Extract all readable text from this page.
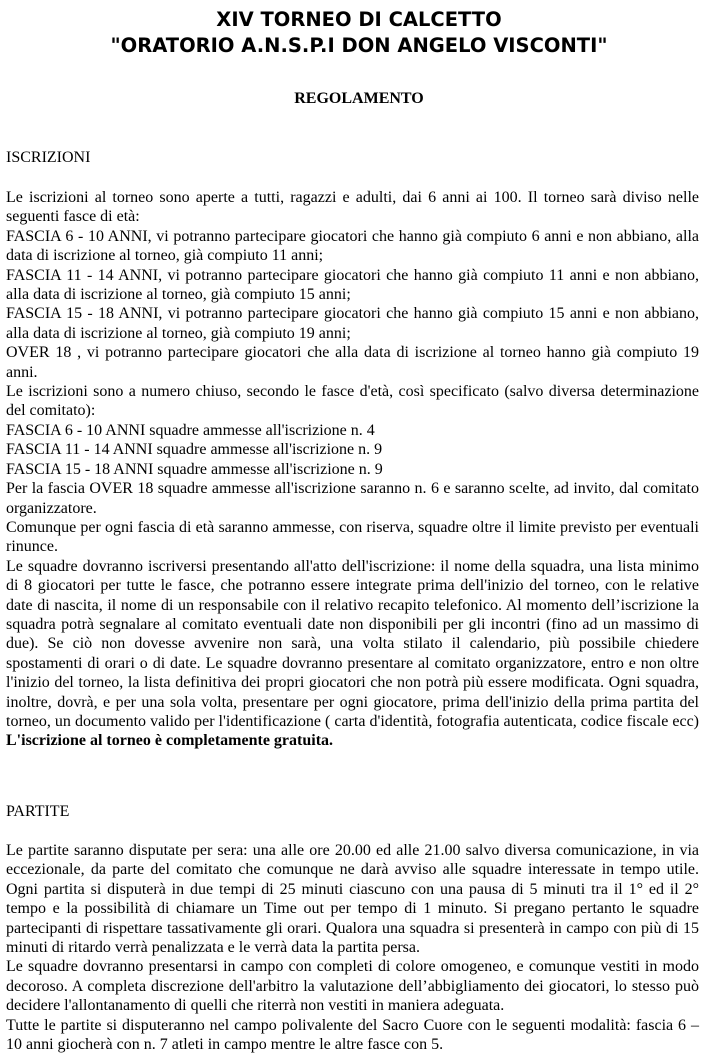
XIV TORNEO DI CALCETTO
"ORATORIO A.N.S.P.I DON ANGELO VISCONTI"
REGOLAMENTO
ISCRIZIONI

Le iscrizioni al torneo sono aperte a tutti, ragazzi e adulti, dai 6 anni ai 100. Il torneo sarà diviso nelle seguenti fasce di età:

FASCIA 6 - 10 ANNI, vi potranno partecipare giocatori che hanno già compiuto 6 anni e non abbiano, alla data di iscrizione al torneo, già compiuto 11 anni;

FASCIA 11 - 14 ANNI, vi potranno partecipare giocatori che hanno già compiuto 11 anni e non abbiano, alla data di iscrizione al torneo, già compiuto 15 anni;

FASCIA 15 - 18 ANNI, vi potranno partecipare giocatori che hanno già compiuto 15 anni e non abbiano, alla data di iscrizione al torneo, già compiuto 19 anni;

OVER 18 , vi potranno partecipare giocatori che alla data di iscrizione al torneo hanno già compiuto 19 anni.

Le iscrizioni sono a numero chiuso, secondo le fasce d'età, così specificato (salvo diversa determinazione del comitato):

FASCIA 6 - 10 ANNI squadre ammesse all'iscrizione n. 4

FASCIA 11 - 14 ANNI squadre ammesse all'iscrizione n. 9

FASCIA 15 - 18 ANNI squadre ammesse all'iscrizione n. 9

Per la fascia OVER 18 squadre ammesse all'iscrizione saranno n. 6 e saranno scelte, ad invito, dal comitato organizzatore.

Comunque per ogni fascia di età saranno ammesse, con riserva, squadre oltre il limite previsto per eventuali rinunce.

Le squadre dovranno iscriversi presentando all'atto dell'iscrizione: il nome della squadra, una lista minimo di 8 giocatori per tutte le fasce, che potranno essere integrate prima dell'inizio del torneo, con le relative date di nascita, il nome di un responsabile con il relativo recapito telefonico. Al momento dell’iscrizione la squadra potrà segnalare al comitato eventuali date non disponibili per gli incontri (fino ad un massimo di due). Se ciò non dovesse avvenire non sarà, una volta stilato il calendario, più possibile chiedere spostamenti di orari o di date. Le squadre dovranno presentare al comitato organizzatore, entro e non oltre l'inizio del torneo, la lista definitiva dei propri giocatori che non potrà più essere modificata. Ogni squadra, inoltre, dovrà, e per una sola volta, presentare per ogni giocatore, prima dell'inizio della prima partita del torneo, un documento valido per l'identificazione ( carta d'identità, fotografia autenticata, codice fiscale ecc) L'iscrizione al torneo è completamente gratuita.

PARTITE

Le partite saranno disputate per sera: una alle ore 20.00 ed alle 21.00 salvo diversa comunicazione, in via eccezionale, da parte del comitato che comunque ne darà avviso alle squadre interessate in tempo utile. Ogni partita si disputerà in due tempi di 25 minuti ciascuno con una pausa di 5 minuti tra il 1° ed il 2° tempo e la possibilità di chiamare un Time out per tempo di 1 minuto. Si pregano pertanto le squadre partecipanti di rispettare tassativamente gli orari. Qualora una squadra si presenterà in campo con più di 15 minuti di ritardo verrà penalizzata e le verrà data la partita persa.

Le squadre dovranno presentarsi in campo con completi di colore omogeneo, e comunque vestiti in modo decoroso. A completa discrezione dell'arbitro la valutazione dell’abbigliamento dei giocatori, lo stesso può decidere l'allontanamento di quelli che riterrà non vestiti in maniera adeguata.

Tutte le partite si disputeranno nel campo polivalente del Sacro Cuore con le seguenti modalità: fascia 6 – 10 anni giocherà con n. 7 atleti in campo mentre le altre fasce con 5.
